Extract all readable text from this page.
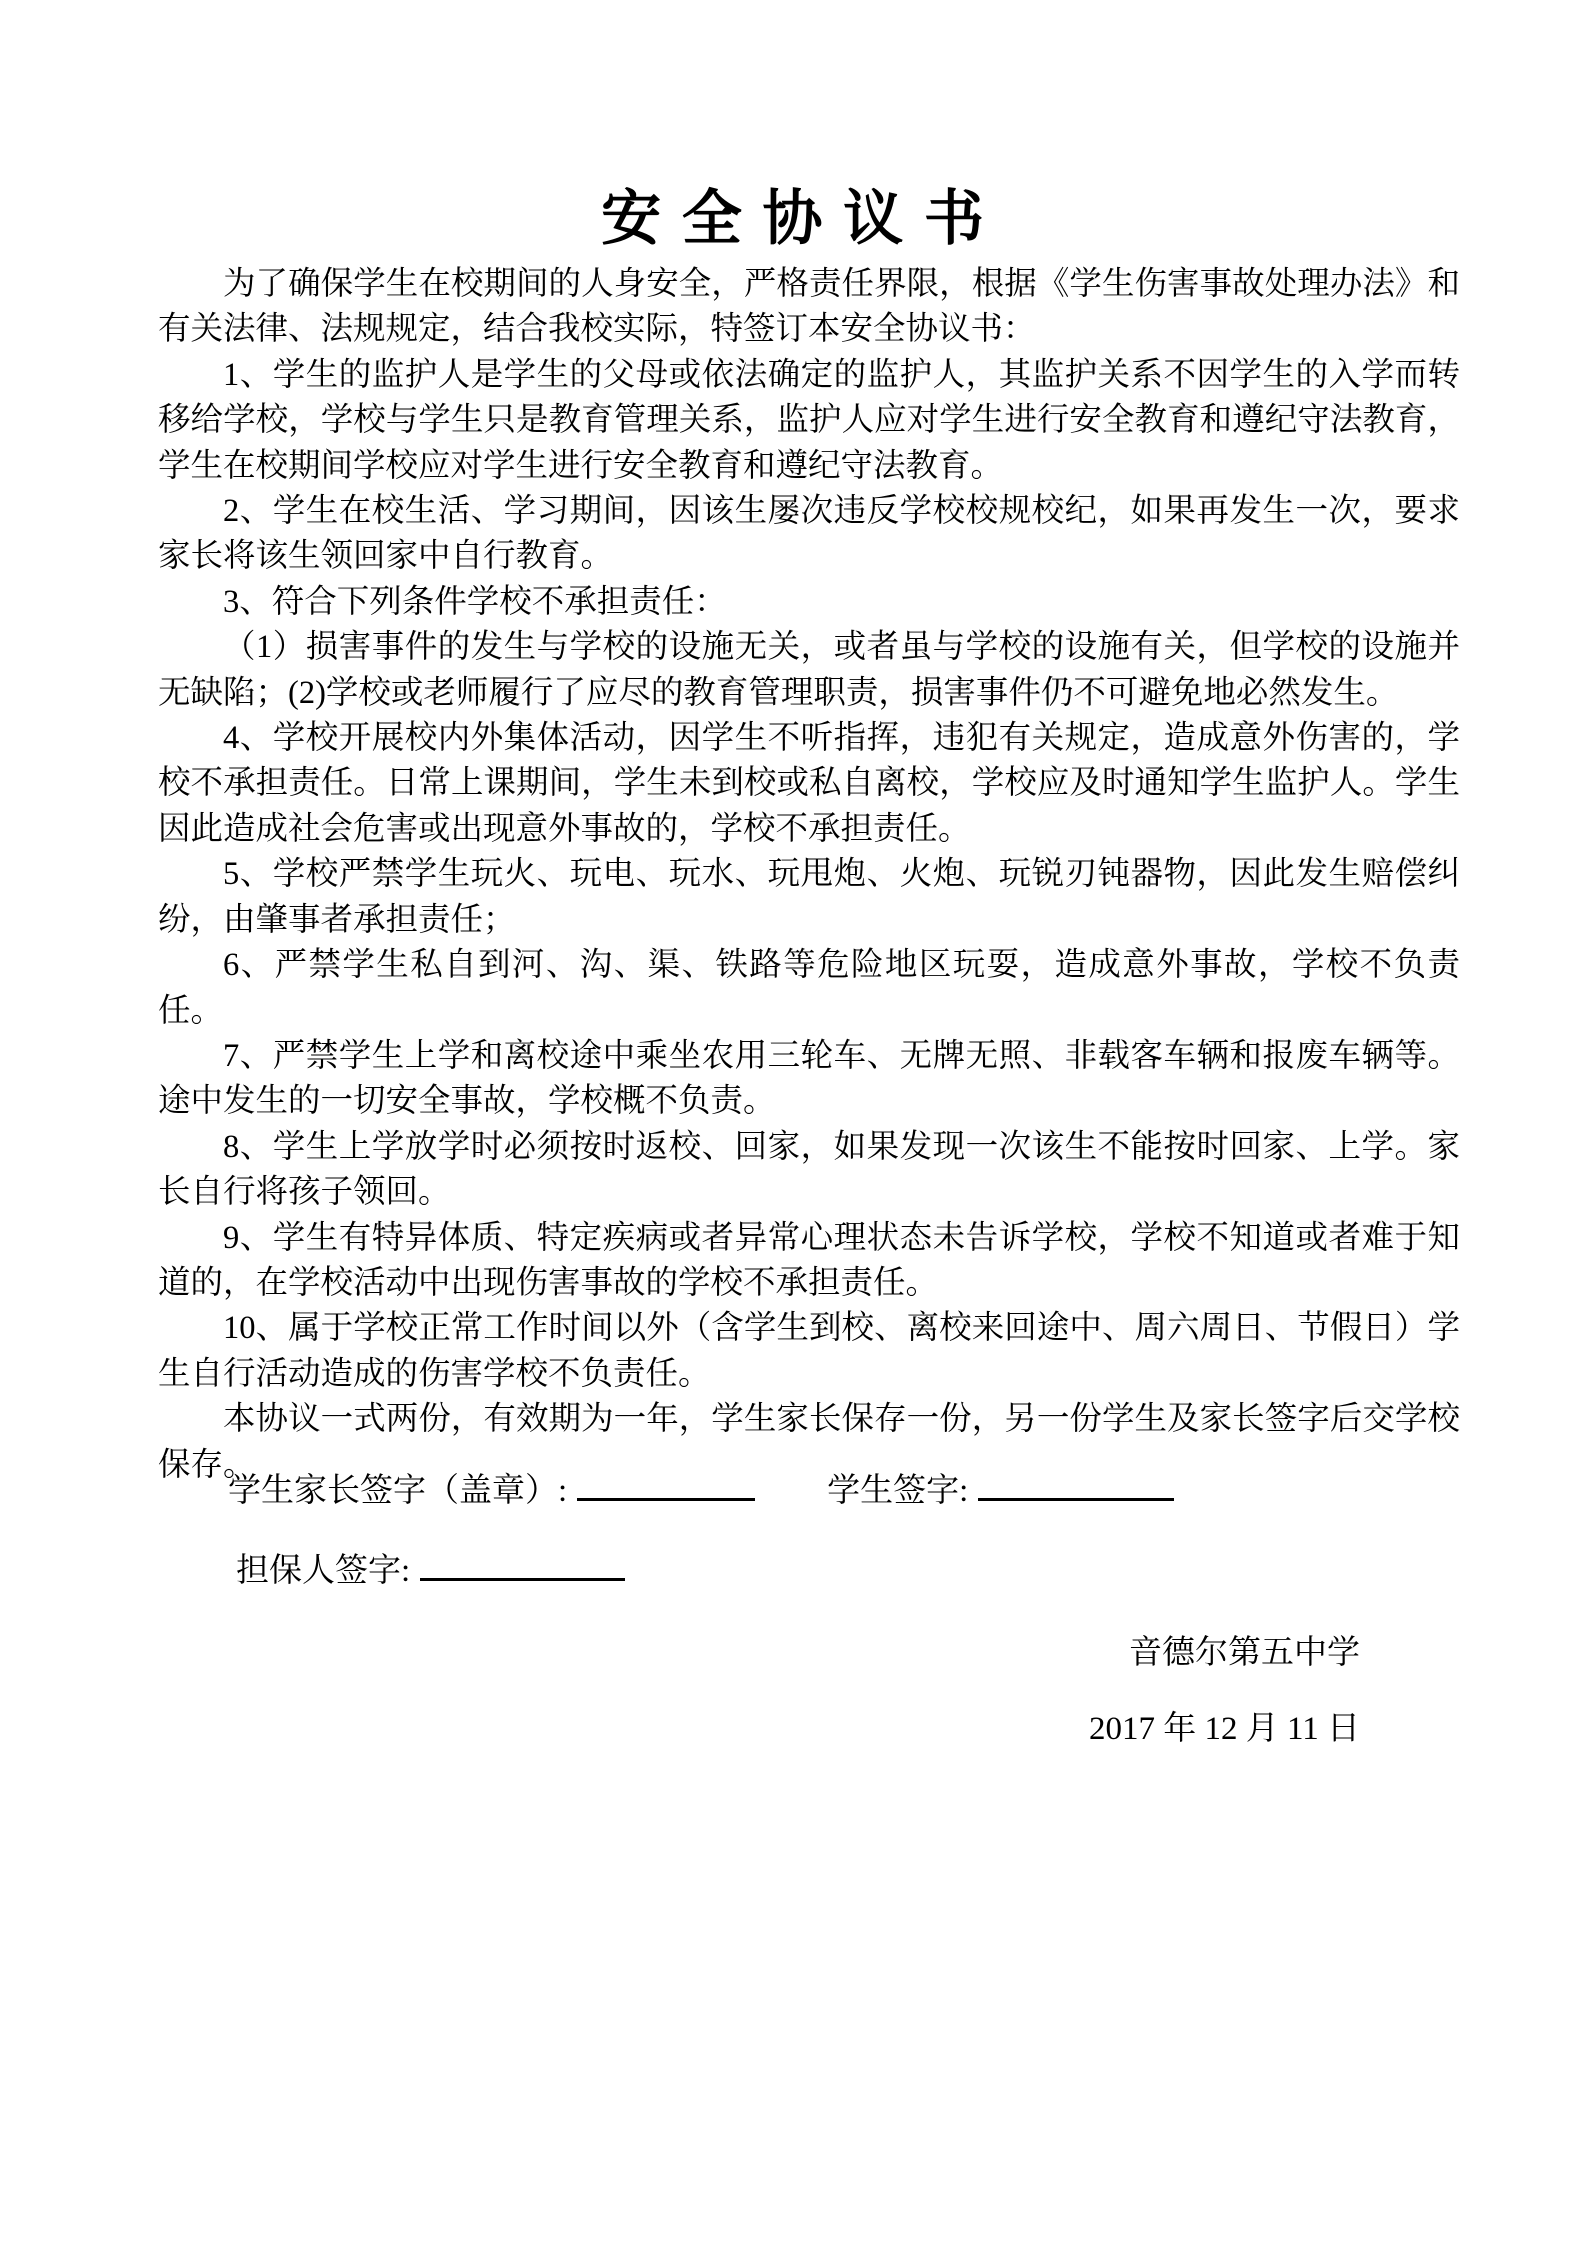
安 全 协 议 书

为了确保学生在校期间的人身安全，严格责任界限，根据《学生伤害事故处理办法》和有关法律、法规规定，结合我校实际，特签订本安全协议书：

1、学生的监护人是学生的父母或依法确定的监护人，其监护关系不因学生的入学而转移给学校，学校与学生只是教育管理关系，监护人应对学生进行安全教育和遵纪守法教育，学生在校期间学校应对学生进行安全教育和遵纪守法教育。

2、学生在校生活、学习期间，因该生屡次违反学校校规校纪，如果再发生一次，要求家长将该生领回家中自行教育。

3、符合下列条件学校不承担责任：

（1）损害事件的发生与学校的设施无关，或者虽与学校的设施有关，但学校的设施并无缺陷；(2)学校或老师履行了应尽的教育管理职责，损害事件仍不可避免地必然发生。

4、学校开展校内外集体活动，因学生不听指挥，违犯有关规定，造成意外伤害的，学校不承担责任。日常上课期间，学生未到校或私自离校，学校应及时通知学生监护人。学生因此造成社会危害或出现意外事故的，学校不承担责任。

5、学校严禁学生玩火、玩电、玩水、玩甩炮、火炮、玩锐刃钝器物，因此发生赔偿纠纷，由肇事者承担责任；

6、严禁学生私自到河、沟、渠、铁路等危险地区玩耍，造成意外事故，学校不负责任。

7、严禁学生上学和离校途中乘坐农用三轮车、无牌无照、非载客车辆和报废车辆等。途中发生的一切安全事故，学校概不负责。

8、学生上学放学时必须按时返校、回家，如果发现一次该生不能按时回家、上学。家长自行将孩子领回。

9、学生有特异体质、特定疾病或者异常心理状态未告诉学校，学校不知道或者难于知道的，在学校活动中出现伤害事故的学校不承担责任。

10、属于学校正常工作时间以外（含学生到校、离校来回途中、周六周日、节假日）学生自行活动造成的伤害学校不负责任。

本协议一式两份，有效期为一年，学生家长保存一份，另一份学生及家长签字后交学校保存。

学生家长签字（盖章）:	学生签字:
担保人签字:
音德尔第五中学
2017 年 12 月 11 日
